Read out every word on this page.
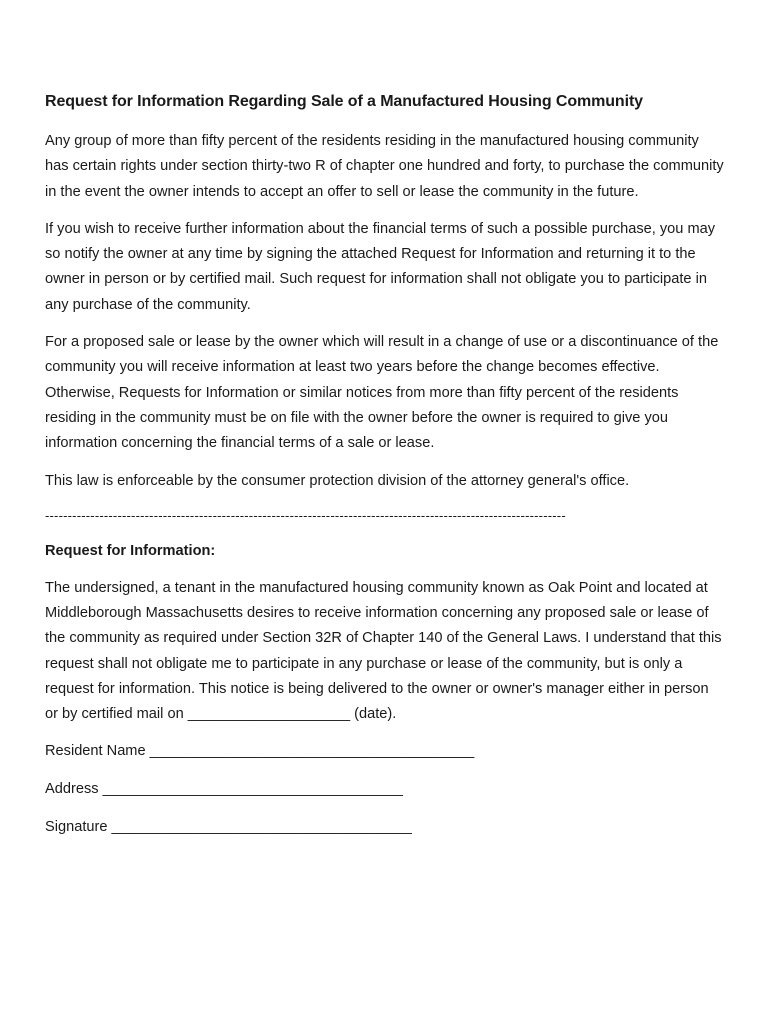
Request for Information Regarding Sale of a Manufactured Housing Community

Any group of more than fifty percent of the residents residing in the manufactured housing community has certain rights under section thirty-two R of chapter one hundred and forty, to purchase the community in the event the owner intends to accept an offer to sell or lease the community in the future.

If you wish to receive further information about the financial terms of such a possible purchase, you may so notify the owner at any time by signing the attached Request for Information and returning it to the owner in person or by certified mail. Such request for information shall not obligate you to participate in any purchase of the community.

For a proposed sale or lease by the owner which will result in a change of use or a discontinuance of the community you will receive information at least two years before the change becomes effective. Otherwise, Requests for Information or similar notices from more than fifty percent of the residents residing in the community must be on file with the owner before the owner is required to give you information concerning the financial terms of a sale or lease.

This law is enforceable by the consumer protection division of the attorney general's office.

-------------------------------------------------------------------------------------------------------------------
Request for Information:

The undersigned, a tenant in the manufactured housing community known as Oak Point and located at Middleborough Massachusetts desires to receive information concerning any proposed sale or lease of the community as required under Section 32R of Chapter 140 of the General Laws. I understand that this request shall not obligate me to participate in any purchase or lease of the community, but is only a request for information. This notice is being delivered to the owner or owner's manager either in person or by certified mail on ____________________ (date).

Resident Name ________________________________________
Address _____________________________________
Signature _____________________________________
